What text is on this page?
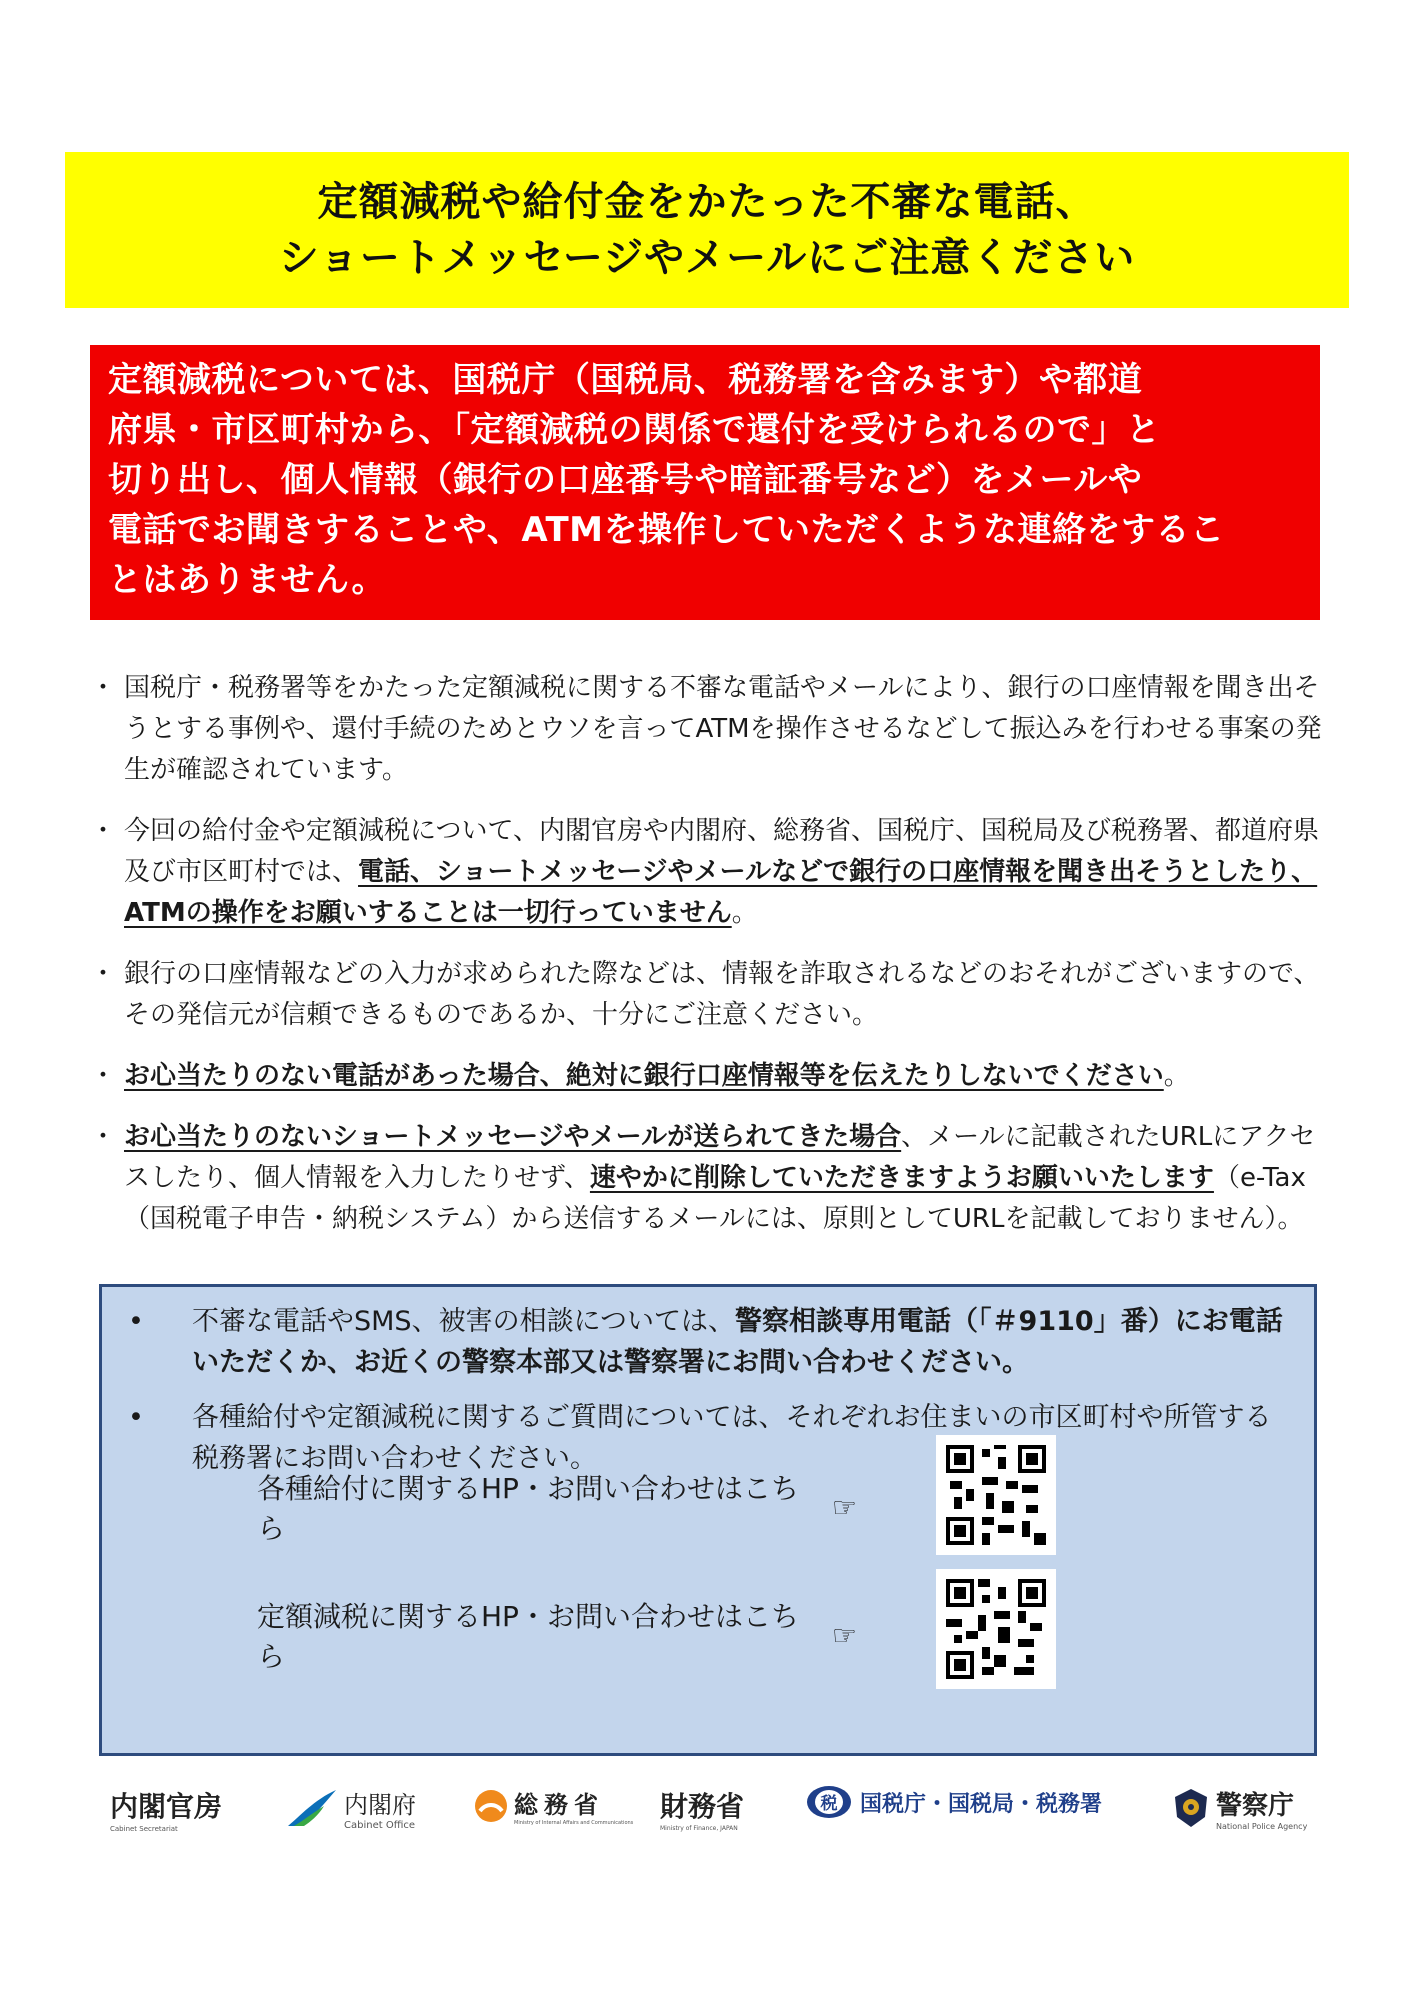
定額減税や給付金をかたった不審な電話、
ショートメッセージやメールにご注意ください

定額減税については、国税庁（国税局、税務署を含みます）や都道

府県・市区町村から、「定額減税の関係で還付を受けられるので」と

切り出し、個人情報（銀行の口座番号や暗証番号など）をメールや

電話でお聞きすることや、ATMを操作していただくような連絡をするこ

とはありません。

・ 国税庁・税務署等をかたった定額減税に関する不審な電話やメールにより、銀行の口座情報を聞き出そうとする事例や、還付手続のためとウソを言ってATMを操作させるなどして振込みを行わせる事案の発生が確認されています。
・ 今回の給付金や定額減税について、内閣官房や内閣府、総務省、国税庁、国税局及び税務署、都道府県及び市区町村では、電話、ショートメッセージやメールなどで銀行の口座情報を聞き出そうとしたり、ATMの操作をお願いすることは一切行っていません。
・ 銀行の口座情報などの入力が求められた際などは、情報を詐取されるなどのおそれがございますので、その発信元が信頼できるものであるか、十分にご注意ください。
・ お心当たりのない電話があった場合、絶対に銀行口座情報等を伝えたりしないでください。
・ お心当たりのないショートメッセージやメールが送られてきた場合、メールに記載されたURLにアクセスしたり、個人情報を入力したりせず、速やかに削除していただきますようお願いいたします（e-Tax（国税電子申告・納税システム）から送信するメールには、原則としてURLを記載しておりません）。
• 不審な電話やSMS、被害の相談については、警察相談専用電話（「＃9110」番）にお電話いただくか、お近くの警察本部又は警察署にお問い合わせください。
• 各種給付や定額減税に関するご質問については、それぞれお住まいの市区町村や所管する税務署にお問い合わせください。
各種給付に関するHP・お問い合わせはこちら
☞
定額減税に関するHP・お問い合わせはこちら
☞
内閣官房
Cabinet Secretariat
内閣府
Cabinet Office
総務省
Ministry of Internal Affairs and Communications 財務省
Ministry of Finance, JAPAN
税 国税庁・国税局・税務署	警察庁
National Police Agency
